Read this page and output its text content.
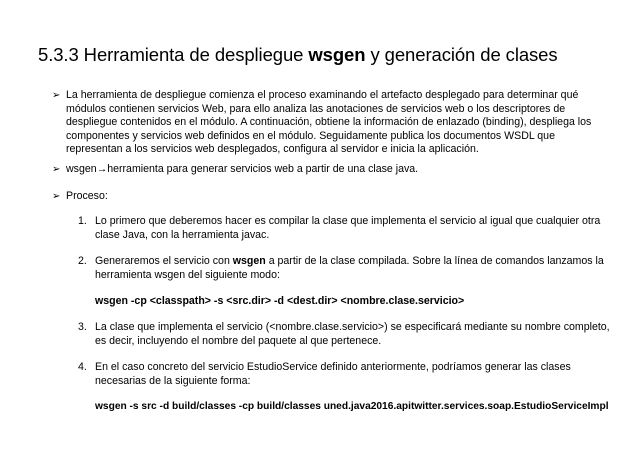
5.3.3 Herramienta de despliegue wsgen y generación de clases
➢ La herramienta de despliegue comienza el proceso examinando el artefacto desplegado para determinar qué
módulos contienen servicios Web, para ello analiza las anotaciones de servicios web o los descriptores de
despliegue contenidos en el módulo. A continuación, obtiene la información de enlazado (binding), despliega los
componentes y servicios web definidos en el módulo. Seguidamente publica los documentos WSDL que
representan a los servicios web desplegados, configura al servidor e inicia la aplicación.
➢ wsgen→herramienta para generar servicios web a partir de una clase java.
➢ Proceso:
1. Lo primero que deberemos hacer es compilar la clase que implementa el servicio al igual que cualquier otra
clase Java, con la herramienta javac.
2. Generaremos el servicio con wsgen a partir de la clase compilada. Sobre la línea de comandos lanzamos la
herramienta wsgen del siguiente modo:
wsgen -cp <classpath> -s <src.dir> -d <dest.dir> <nombre.clase.servicio>
3. La clase que implementa el servicio (<nombre.clase.servicio>) se especificará mediante su nombre completo,
es decir, incluyendo el nombre del paquete al que pertenece.
4. En el caso concreto del servicio EstudioService definido anteriormente, podríamos generar las clases
necesarias de la siguiente forma:
wsgen -s src -d build/classes -cp build/classes uned.java2016.apitwitter.services.soap.EstudioServiceImpl
